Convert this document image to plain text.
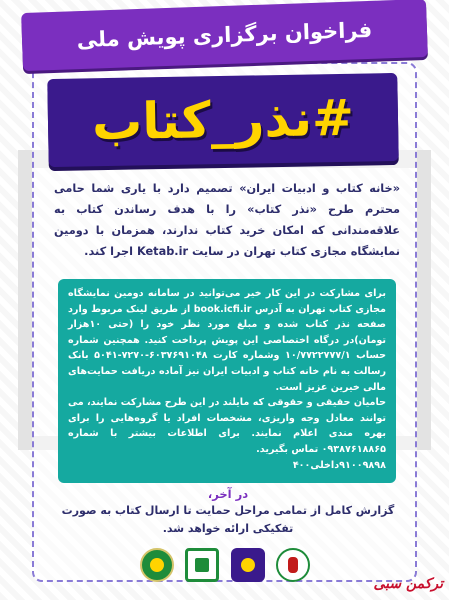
فراخوان برگزاری پویش ملی
#نذر_کتاب
«خانه کتاب و ادبیات ایران» تصمیم دارد با یاری شما حامی محترم طرح «نذر کتاب» را با هدف رساندن کتاب به علاقه‌مندانی که امکان خرید کتاب ندارند، همزمان با دومین نمایشگاه مجازی کتاب تهران در سایت Ketab.ir اجرا کند.

برای مشارکت در این کار خیر می‌توانید در سامانه دومین نمایشگاه مجازی کتاب تهران به آدرس book.icfi.ir از طریق لینک مربوط وارد صفحه نذر کتاب شده و مبلغ مورد نظر خود را (حتی ۱۰هزار تومان)در درگاه اختصاصی این پویش پرداخت کنید. همچنین شماره حساب ۱۰/۷۷۲۲۷۷۷/۱ وشماره کارت ۶۰۳۷۶۹۱۰۴۸-۷۲۷۰-۵۰۴۱ بانک رسالت به نام خانه کتاب و ادبیات ایران نیز آماده دریافت حمایت‌های مالی خیرین عزیز است.

حامیان حقیقی و حقوقی که مایلند در این طرح مشارکت نمایند، می توانند معادل وجه واریزی، مشخصات افراد یا گروه‌هایی را برای بهره مندی اعلام نمایند. برای اطلاعات بیشتر با شماره ۰۹۳۸۷۶۱۸۸۶۵ تماس بگیرید.

۹۱۰۰۹۸۹۸داخلی۴۰۰

در آخر،
گزارش کامل از تمامی مراحل حمایت تا ارسال کتاب به صورت تفکیکی ارائه خواهد شد.
ترکمن سبی
